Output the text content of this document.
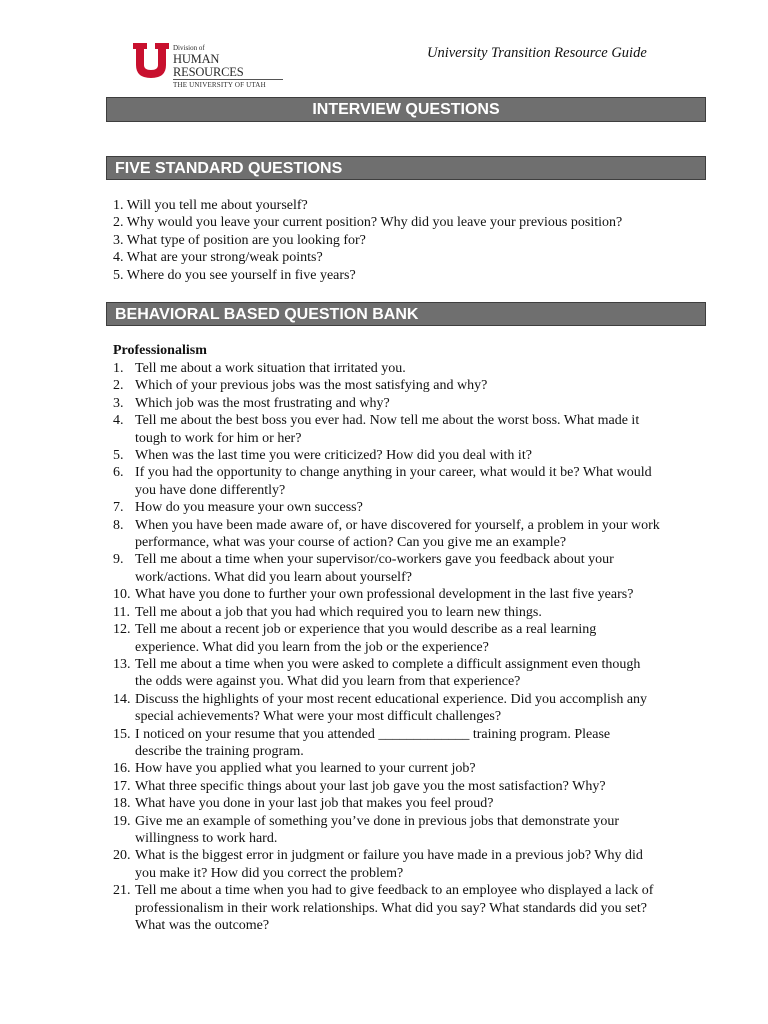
Division of
HUMAN RESOURCES
THE UNIVERSITY OF UTAH
University Transition Resource Guide
INTERVIEW QUESTIONS
FIVE STANDARD QUESTIONS
1. Will you tell me about yourself?
2. Why would you leave your current position? Why did you leave your previous position?
3. What type of position are you looking for?
4. What are your strong/weak points?
5. Where do you see yourself in five years?
BEHAVIORAL BASED QUESTION BANK
Professionalism
1. Tell me about a work situation that irritated you.
2. Which of your previous jobs was the most satisfying and why?
3. Which job was the most frustrating and why?
4. Tell me about the best boss you ever had. Now tell me about the worst boss. What made it
tough to work for him or her?
5. When was the last time you were criticized? How did you deal with it?
6. If you had the opportunity to change anything in your career, what would it be? What would
you have done differently?
7. How do you measure your own success?
8. When you have been made aware of, or have discovered for yourself, a problem in your work
performance, what was your course of action? Can you give me an example?
9. Tell me about a time when your supervisor/co-workers gave you feedback about your
work/actions. What did you learn about yourself?
10. What have you done to further your own professional development in the last five years?
11. Tell me about a job that you had which required you to learn new things.
12. Tell me about a recent job or experience that you would describe as a real learning
experience. What did you learn from the job or the experience?
13. Tell me about a time when you were asked to complete a difficult assignment even though
the odds were against you. What did you learn from that experience?
14. Discuss the highlights of your most recent educational experience. Did you accomplish any
special achievements? What were your most difficult challenges?
15. I noticed on your resume that you attended _____________ training program. Please
describe the training program.
16. How have you applied what you learned to your current job?
17. What three specific things about your last job gave you the most satisfaction? Why?
18. What have you done in your last job that makes you feel proud?
19. Give me an example of something you’ve done in previous jobs that demonstrate your
willingness to work hard.
20. What is the biggest error in judgment or failure you have made in a previous job? Why did
you make it? How did you correct the problem?
21. Tell me about a time when you had to give feedback to an employee who displayed a lack of
professionalism in their work relationships. What did you say? What standards did you set?
What was the outcome?
